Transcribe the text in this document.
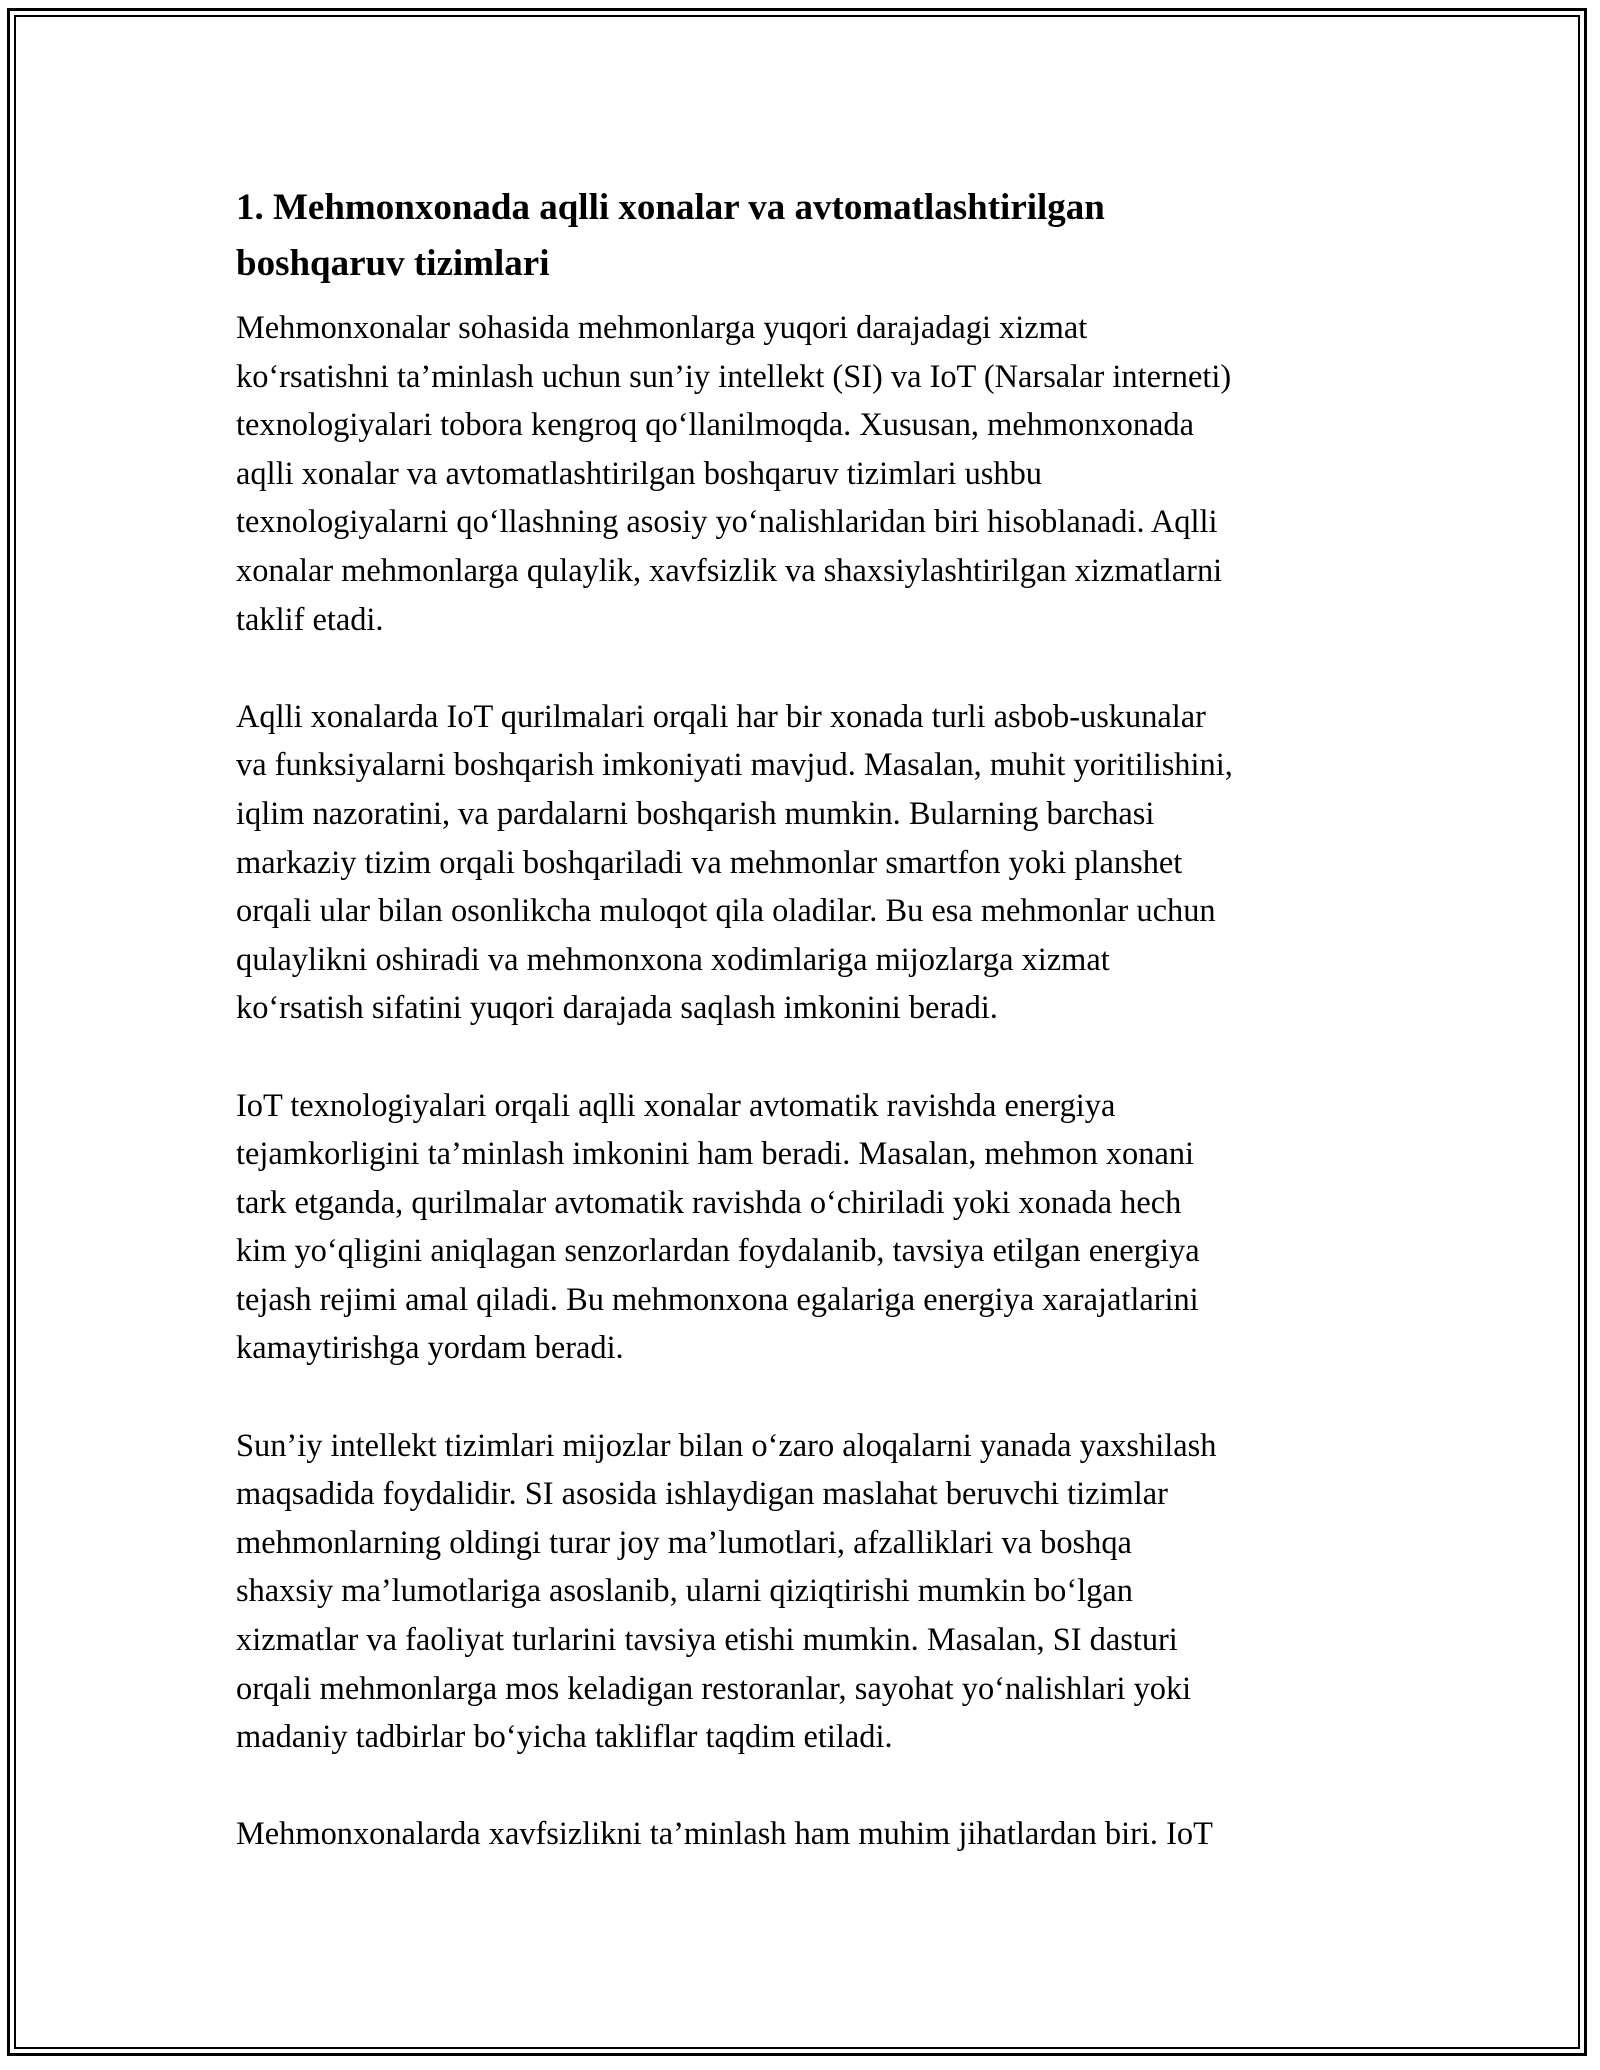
1. Mehmonxonada aqlli xonalar va avtomatlashtirilgan
boshqaruv tizimlari
Mehmonxonalar sohasida mehmonlarga yuqori darajadagi xizmat
ko‘rsatishni ta’minlash uchun sun’iy intellekt (SI) va IoT (Narsalar interneti)
texnologiyalari tobora kengroq qo‘llanilmoqda. Xususan, mehmonxonada
aqlli xonalar va avtomatlashtirilgan boshqaruv tizimlari ushbu
texnologiyalarni qo‘llashning asosiy yo‘nalishlaridan biri hisoblanadi. Aqlli
xonalar mehmonlarga qulaylik, xavfsizlik va shaxsiylashtirilgan xizmatlarni
taklif etadi.
Aqlli xonalarda IoT qurilmalari orqali har bir xonada turli asbob-uskunalar
va funksiyalarni boshqarish imkoniyati mavjud. Masalan, muhit yoritilishini,
iqlim nazoratini, va pardalarni boshqarish mumkin. Bularning barchasi
markaziy tizim orqali boshqariladi va mehmonlar smartfon yoki planshet
orqali ular bilan osonlikcha muloqot qila oladilar. Bu esa mehmonlar uchun
qulaylikni oshiradi va mehmonxona xodimlariga mijozlarga xizmat
ko‘rsatish sifatini yuqori darajada saqlash imkonini beradi.
IoT texnologiyalari orqali aqlli xonalar avtomatik ravishda energiya
tejamkorligini ta’minlash imkonini ham beradi. Masalan, mehmon xonani
tark etganda, qurilmalar avtomatik ravishda o‘chiriladi yoki xonada hech
kim yo‘qligini aniqlagan senzorlardan foydalanib, tavsiya etilgan energiya
tejash rejimi amal qiladi. Bu mehmonxona egalariga energiya xarajatlarini
kamaytirishga yordam beradi.
Sun’iy intellekt tizimlari mijozlar bilan o‘zaro aloqalarni yanada yaxshilash
maqsadida foydalidir. SI asosida ishlaydigan maslahat beruvchi tizimlar
mehmonlarning oldingi turar joy ma’lumotlari, afzalliklari va boshqa
shaxsiy ma’lumotlariga asoslanib, ularni qiziqtirishi mumkin bo‘lgan
xizmatlar va faoliyat turlarini tavsiya etishi mumkin. Masalan, SI dasturi
orqali mehmonlarga mos keladigan restoranlar, sayohat yo‘nalishlari yoki
madaniy tadbirlar bo‘yicha takliflar taqdim etiladi.
Mehmonxonalarda xavfsizlikni ta’minlash ham muhim jihatlardan biri. IoT
